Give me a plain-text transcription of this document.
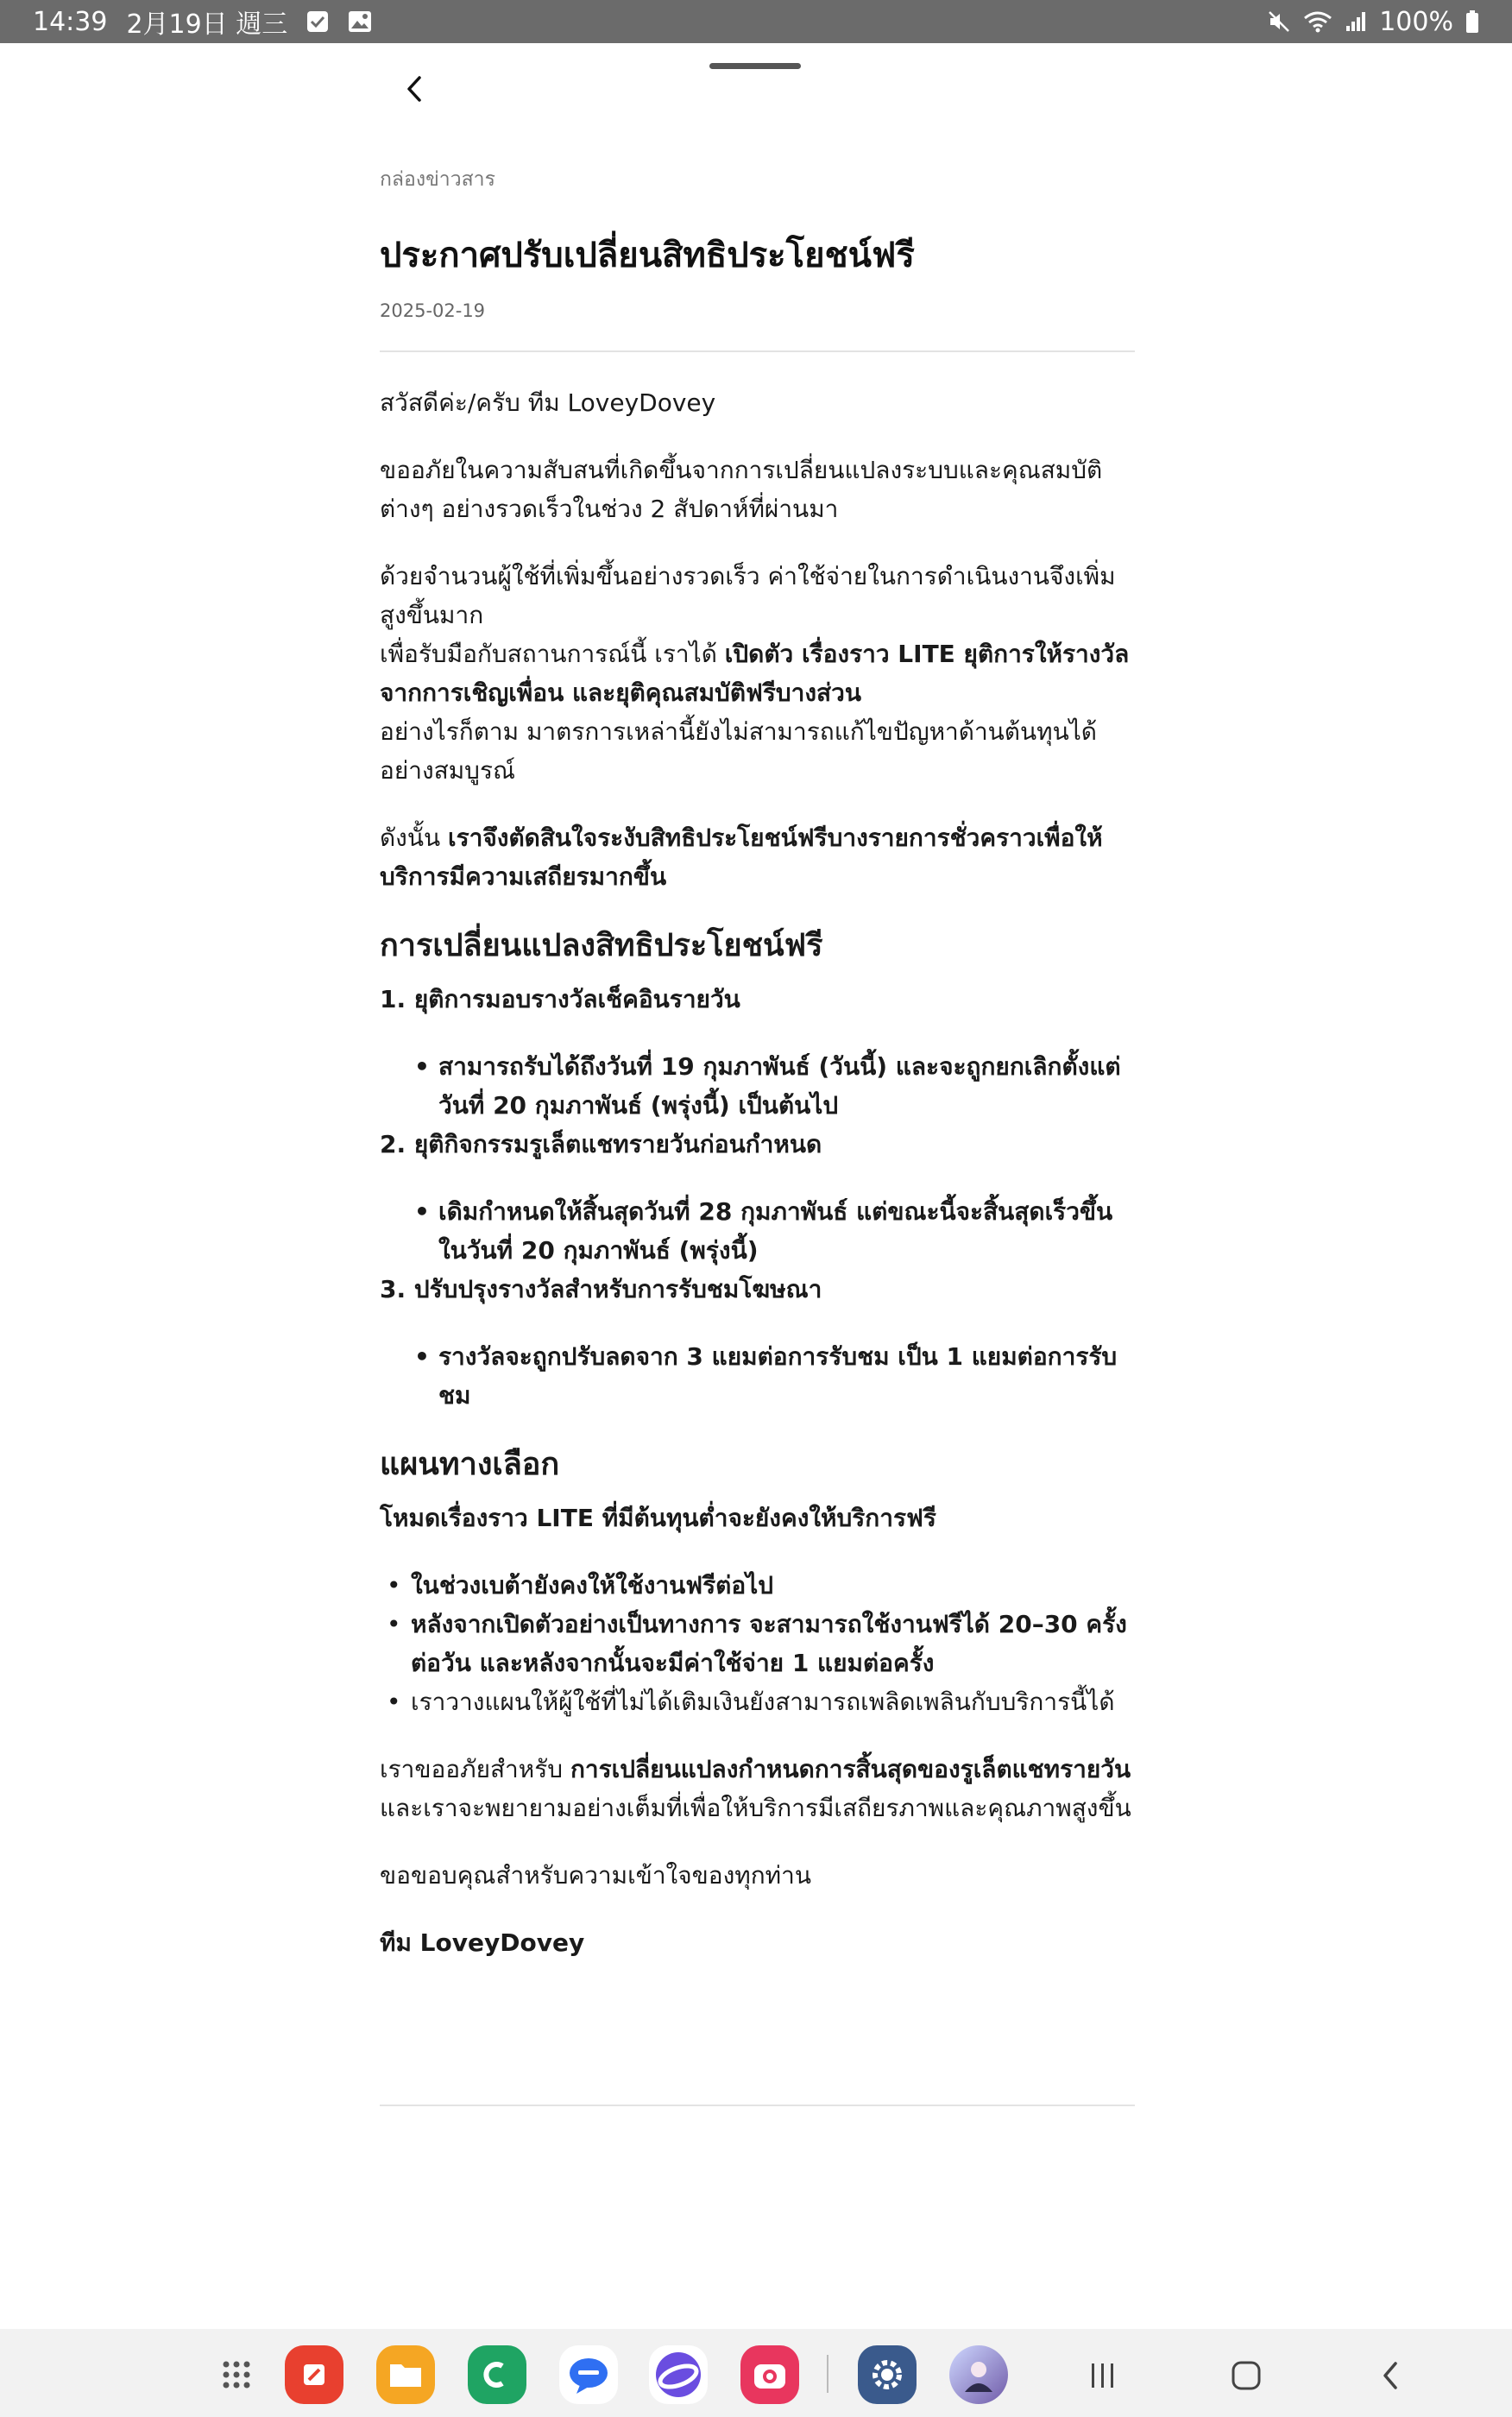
14:39 2月19日 週三	100%
กล่องข่าวสาร
ประกาศปรับเปลี่ยนสิทธิประโยชน์ฟรี
2025-02-19

สวัสดีค่ะ/ครับ ทีม LoveyDovey

ขออภัยในความสับสนที่เกิดขึ้นจากการเปลี่ยนแปลงระบบและคุณสมบัติต่างๆ อย่างรวดเร็วในช่วง 2 สัปดาห์ที่ผ่านมา

ด้วยจำนวนผู้ใช้ที่เพิ่มขึ้นอย่างรวดเร็ว ค่าใช้จ่ายในการดำเนินงานจึงเพิ่มสูงขึ้นมาก

เพื่อรับมือกับสถานการณ์นี้ เราได้ เปิดตัว เรื่องราว LITE ยุติการให้รางวัลจากการเชิญเพื่อน และยุติคุณสมบัติฟรีบางส่วน

อย่างไรก็ตาม มาตรการเหล่านี้ยังไม่สามารถแก้ไขปัญหาด้านต้นทุนได้อย่างสมบูรณ์

ดังนั้น เราจึงตัดสินใจระงับสิทธิประโยชน์ฟรีบางรายการชั่วคราวเพื่อให้บริการมีความเสถียรมากขึ้น

การเปลี่ยนแปลงสิทธิประโยชน์ฟรี
1. ยุติการมอบรางวัลเช็คอินรายวัน
• สามารถรับได้ถึงวันที่ 19 กุมภาพันธ์ (วันนี้) และจะถูกยกเลิกตั้งแต่วันที่ 20 กุมภาพันธ์ (พรุ่งนี้) เป็นต้นไป
2. ยุติกิจกรรมรูเล็ตแชทรายวันก่อนกำหนด
• เดิมกำหนดให้สิ้นสุดวันที่ 28 กุมภาพันธ์ แต่ขณะนี้จะสิ้นสุดเร็วขึ้นในวันที่ 20 กุมภาพันธ์ (พรุ่งนี้)
3. ปรับปรุงรางวัลสำหรับการรับชมโฆษณา
• รางวัลจะถูกปรับลดจาก 3 แยมต่อการรับชม เป็น 1 แยมต่อการรับชม
แผนทางเลือก

โหมดเรื่องราว LITE ที่มีต้นทุนต่ำจะยังคงให้บริการฟรี

• ในช่วงเบต้ายังคงให้ใช้งานฟรีต่อไป
• หลังจากเปิดตัวอย่างเป็นทางการ จะสามารถใช้งานฟรีได้ 20–30 ครั้งต่อวัน และหลังจากนั้นจะมีค่าใช้จ่าย 1 แยมต่อครั้ง
• เราวางแผนให้ผู้ใช้ที่ไม่ได้เติมเงินยังสามารถเพลิดเพลินกับบริการนี้ได้

เราขออภัยสำหรับ การเปลี่ยนแปลงกำหนดการสิ้นสุดของรูเล็ตแชทรายวัน

และเราจะพยายามอย่างเต็มที่เพื่อให้บริการมีเสถียรภาพและคุณภาพสูงขึ้น

ขอขอบคุณสำหรับความเข้าใจของทุกท่าน

ทีม LoveyDovey
